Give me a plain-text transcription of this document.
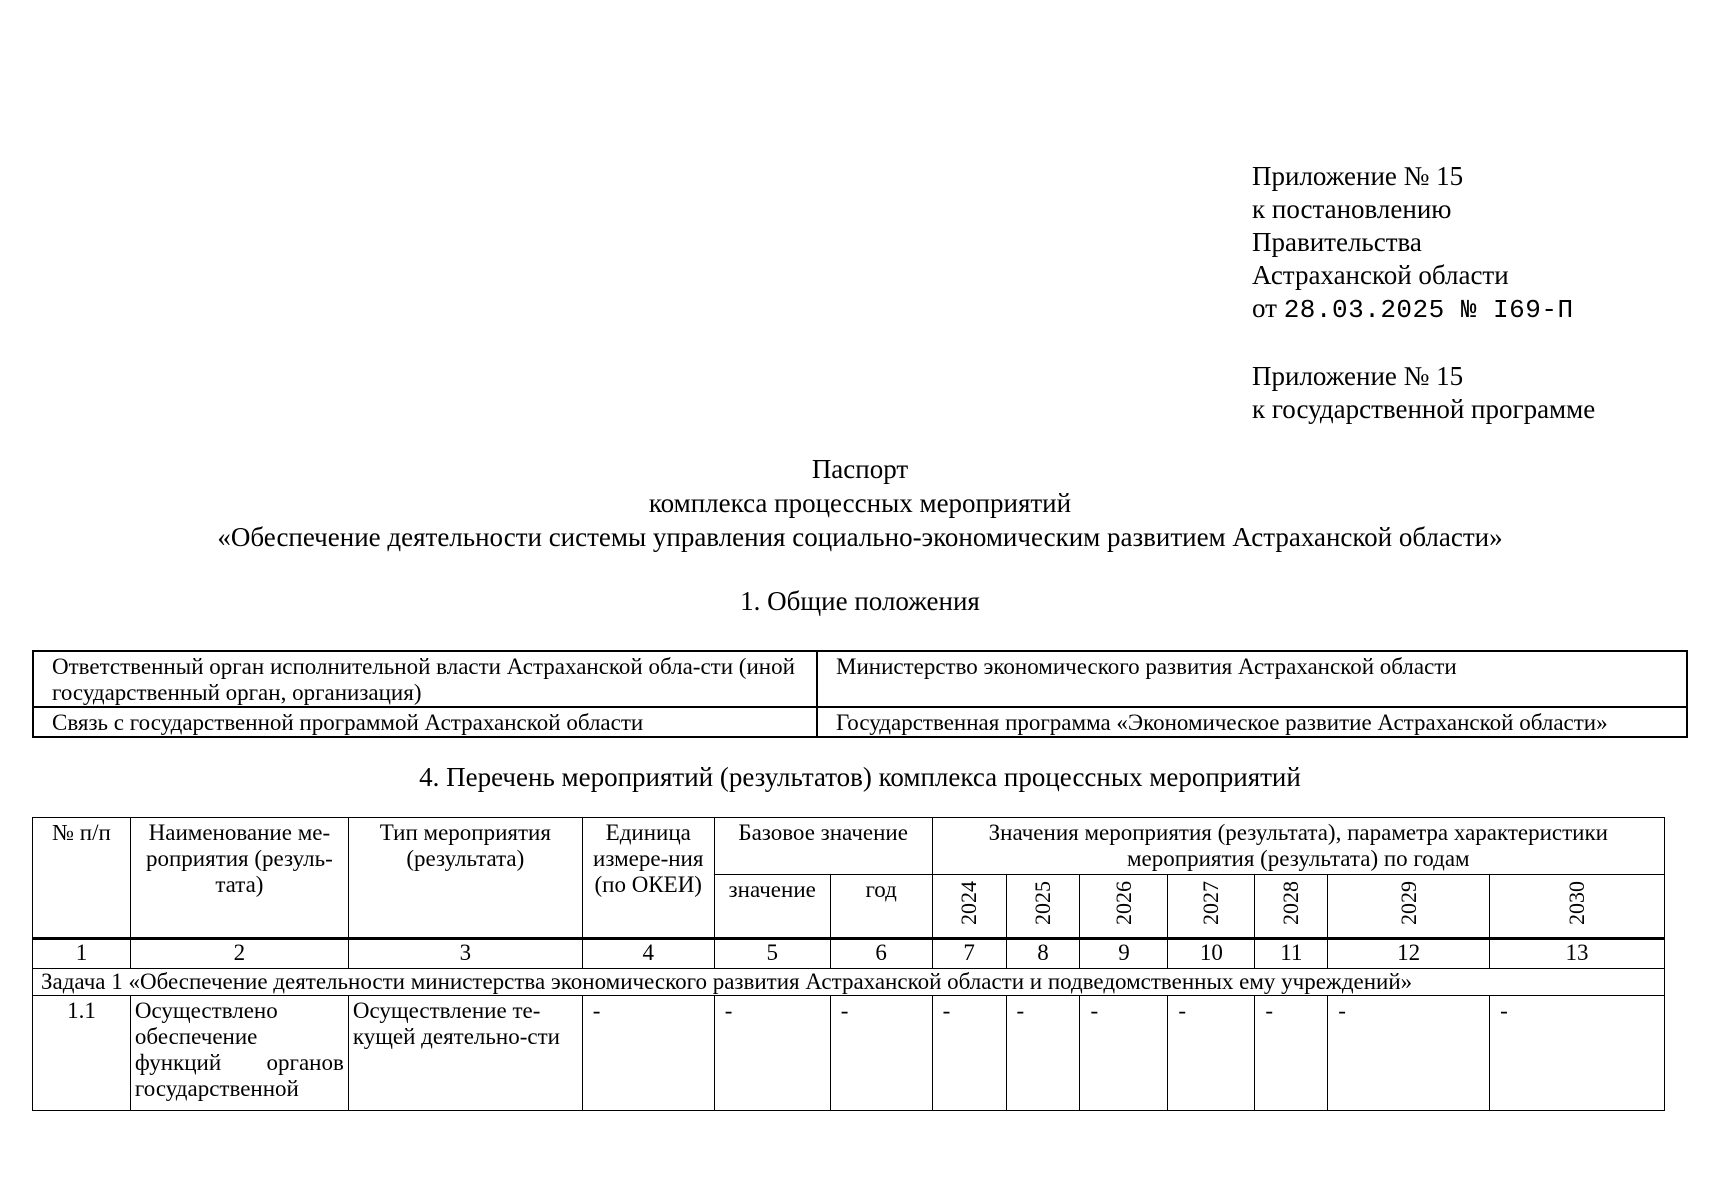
Приложение № 15
к постановлению
Правительства
Астраханской области
от 28.03.2025 № I69-П
Приложение № 15
к государственной программе
Паспорт
комплекса процессных мероприятий
«Обеспечение деятельности системы управления социально-экономическим развитием Астраханской области»
1. Общие положения
Ответственный орган исполнительной власти Астраханской обла-сти (иной государственный орган, организация)	Министерство экономического развития Астраханской области
Связь с государственной программой Астраханской области	Государственная программа «Экономическое развитие Астраханской области»
4. Перечень мероприятий (результатов) комплекса процессных мероприятий
№ п/п	Наименование ме-роприятия (резуль-тата)	Тип мероприятия (результата)	Единица измере-ния (по ОКЕИ)	Базовое значение		Значения мероприятия (результата), параметра характеристики мероприятия (результата) по годам						
						2024	2025	2026	2027	2028	2029	2030
				значение	год							
1	2	3	4	5	6	7	8	9	10	11	12	13
Задача 1 «Обеспечение деятельности министерства экономического развития Астраханской области и подведомственных ему учреждений»												
1.1	Осуществлено обеспечение функций органов государственной	Осуществление те-кущей деятельно-сти	-	-	-	-	-	-	-	-	-	-
